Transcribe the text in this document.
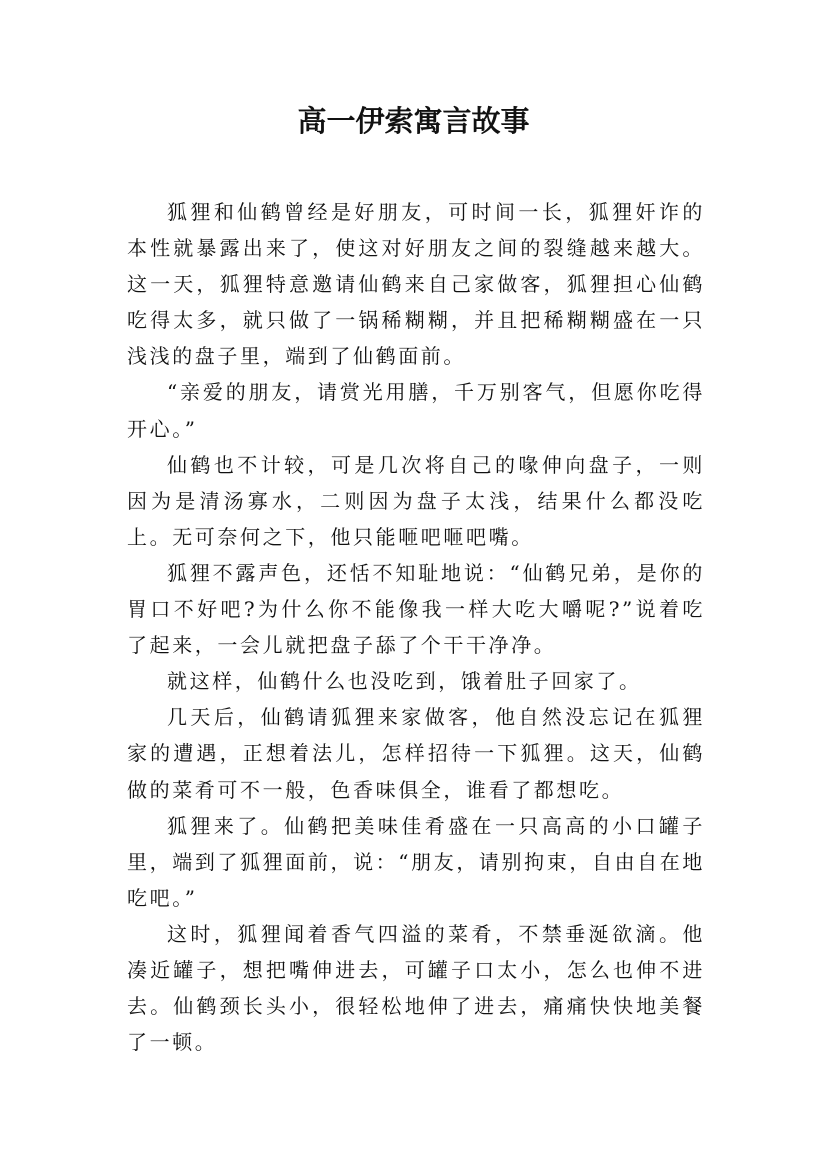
高一伊索寓言故事

狐狸和仙鹤曾经是好朋友，可时间一长，狐狸奸诈的本性就暴露出来了，使这对好朋友之间的裂缝越来越大。这一天，狐狸特意邀请仙鹤来自己家做客，狐狸担心仙鹤吃得太多，就只做了一锅稀糊糊，并且把稀糊糊盛在一只浅浅的盘子里，端到了仙鹤面前。

“亲爱的朋友，请赏光用膳，千万别客气，但愿你吃得开心。”

仙鹤也不计较，可是几次将自己的喙伸向盘子，一则因为是清汤寡水，二则因为盘子太浅，结果什么都没吃上。无可奈何之下，他只能咂吧咂吧嘴。

狐狸不露声色，还恬不知耻地说：“仙鹤兄弟，是你的胃口不好吧?为什么你不能像我一样大吃大嚼呢?”说着吃了起来，一会儿就把盘子舔了个干干净净。

就这样，仙鹤什么也没吃到，饿着肚子回家了。

几天后，仙鹤请狐狸来家做客，他自然没忘记在狐狸家的遭遇，正想着法儿，怎样招待一下狐狸。这天，仙鹤做的菜肴可不一般，色香味俱全，谁看了都想吃。

狐狸来了。仙鹤把美味佳肴盛在一只高高的小口罐子里，端到了狐狸面前，说：“朋友，请别拘束，自由自在地吃吧。”

这时，狐狸闻着香气四溢的菜肴，不禁垂涎欲滴。他凑近罐子，想把嘴伸进去，可罐子口太小，怎么也伸不进去。仙鹤颈长头小，很轻松地伸了进去，痛痛快快地美餐了一顿。
